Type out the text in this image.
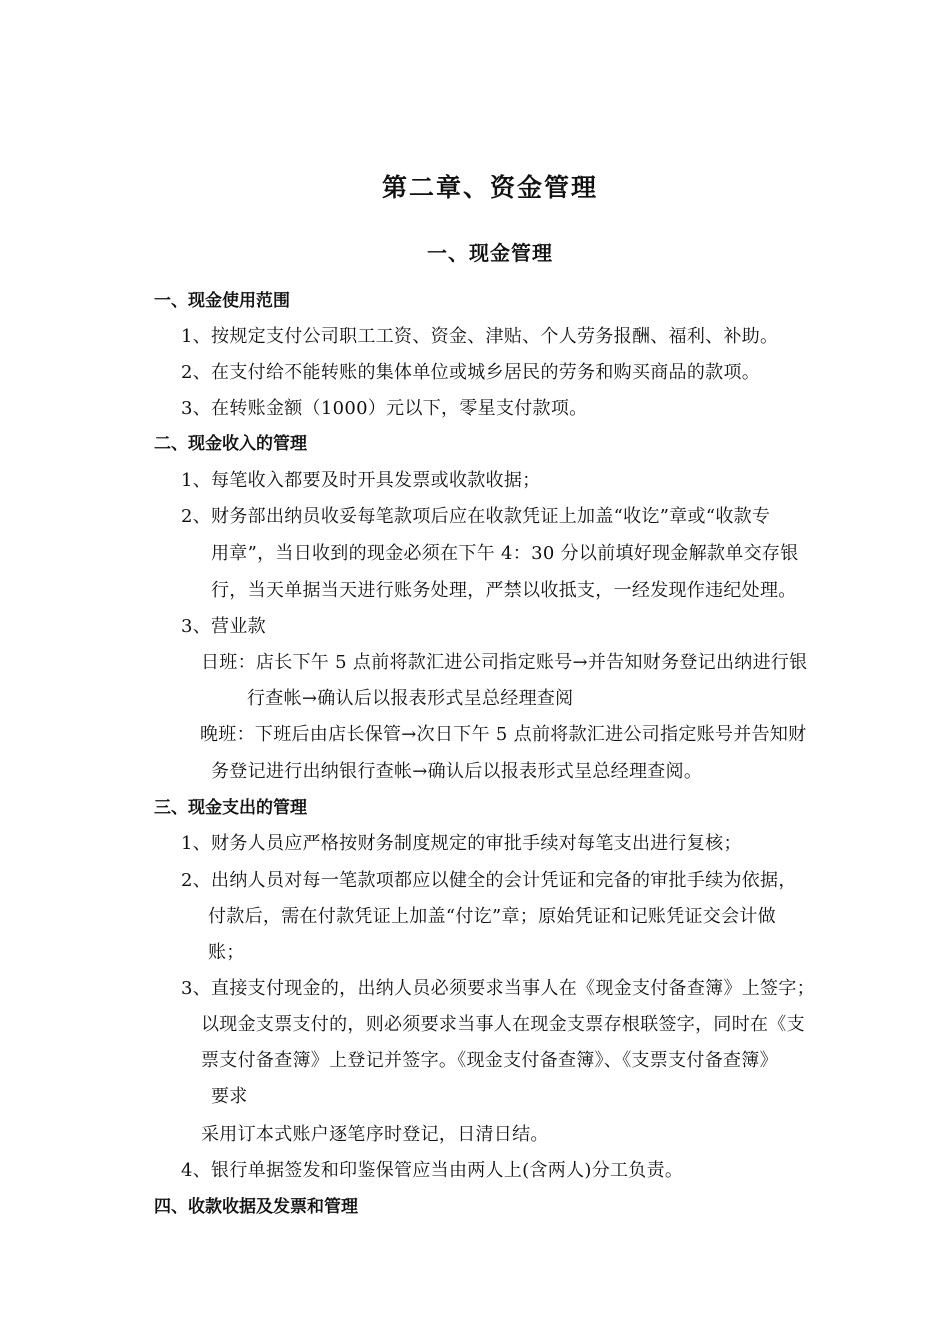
第二章、资金管理
一、现金管理
一、现金使用范围
1、按规定支付公司职工工资、资金、津贴、个人劳务报酬、福利、补助。
2、在支付给不能转账的集体单位或城乡居民的劳务和购买商品的款项。
3、在转账金额（1000）元以下，零星支付款项。
二、现金收入的管理
1、每笔收入都要及时开具发票或收款收据；
2、财务部出纳员收妥每笔款项后应在收款凭证上加盖“收讫”章或“收款专
用章”，当日收到的现金必须在下午 4：30 分以前填好现金解款单交存银
行，当天单据当天进行账务处理，严禁以收抵支，一经发现作违纪处理。
3、营业款
日班：店长下午 5 点前将款汇进公司指定账号→并告知财务登记出纳进行银
行查帐→确认后以报表形式呈总经理查阅
晚班：下班后由店长保管→次日下午 5 点前将款汇进公司指定账号并告知财
务登记进行出纳银行查帐→确认后以报表形式呈总经理查阅。
三、现金支出的管理
1、财务人员应严格按财务制度规定的审批手续对每笔支出进行复核；
2、出纳人员对每一笔款项都应以健全的会计凭证和完备的审批手续为依据，
付款后，需在付款凭证上加盖“付讫”章；原始凭证和记账凭证交会计做
账；
3、直接支付现金的，出纳人员必须要求当事人在《现金支付备查簿》上签字；
以现金支票支付的，则必须要求当事人在现金支票存根联签字，同时在《支
票支付备查簿》上登记并签字。《现金支付备查簿》、《支票支付备查簿》
要求
采用订本式账户逐笔序时登记，日清日结。
4、银行单据签发和印鉴保管应当由两人上(含两人)分工负责。
四、收款收据及发票和管理
